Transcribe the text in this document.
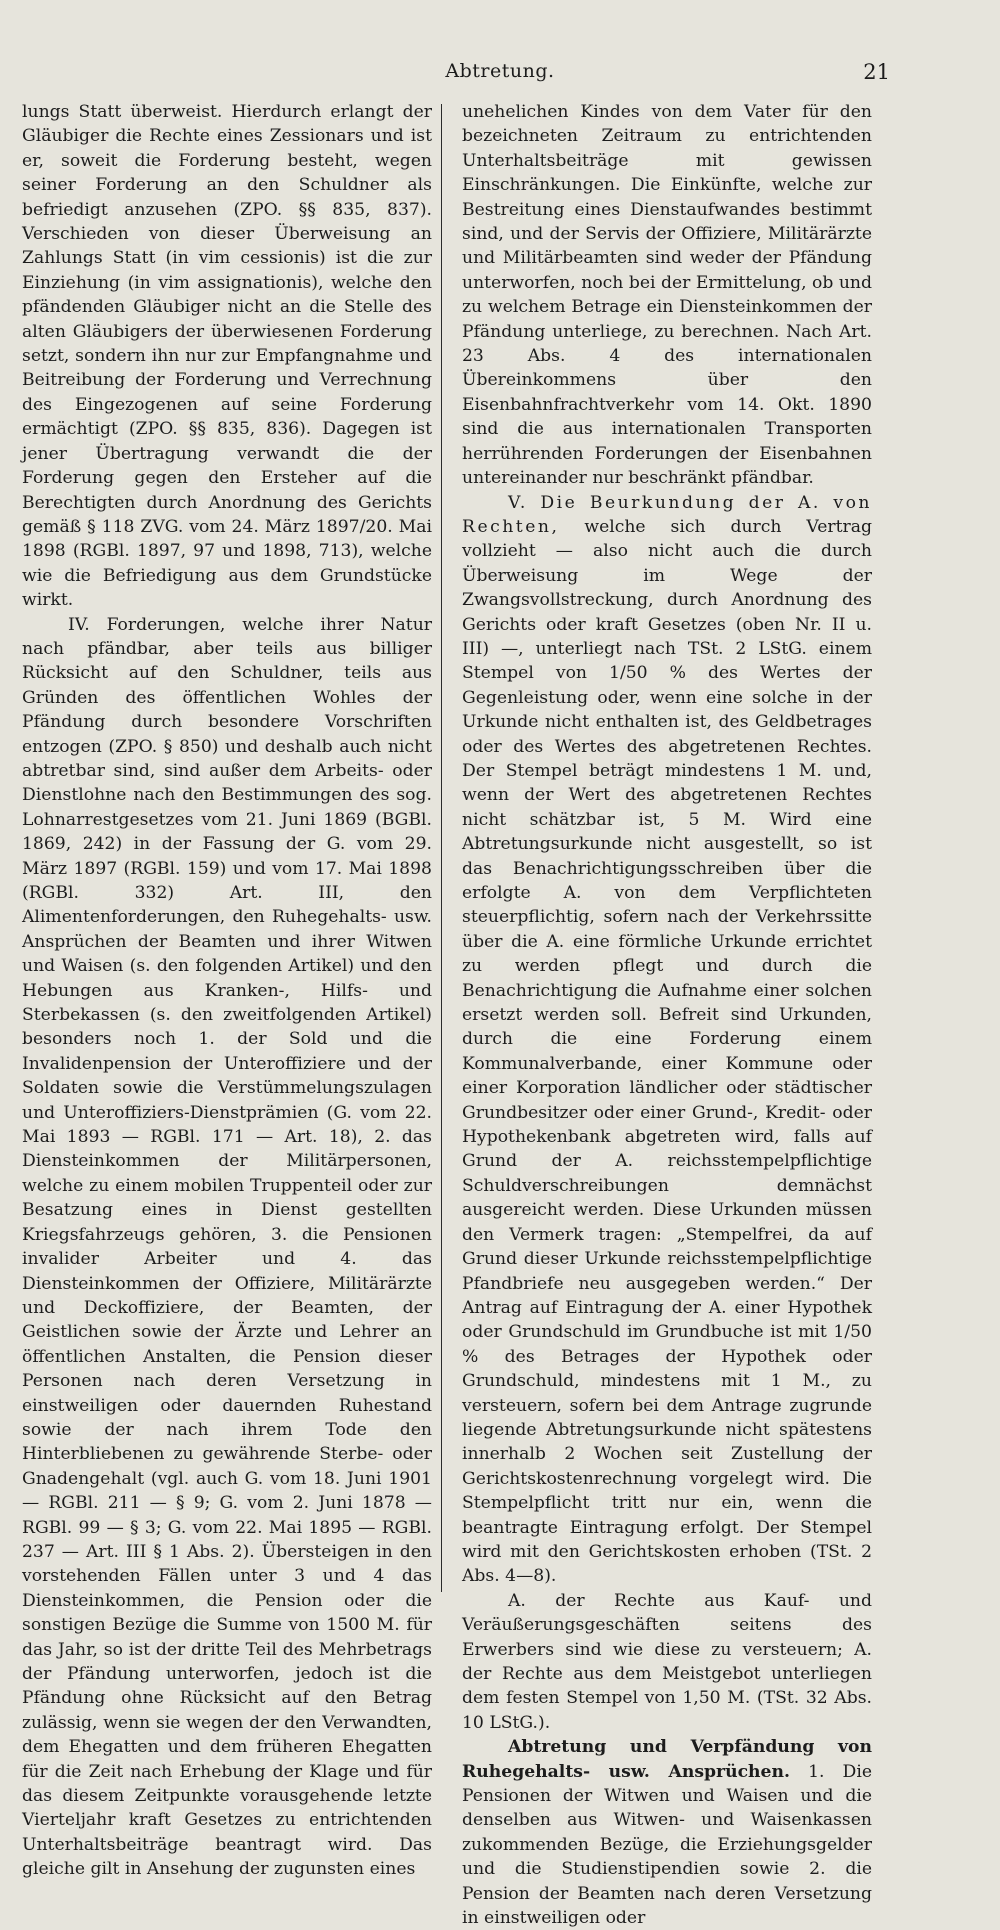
Abtretung.	21

lungs Statt überweist. Hierdurch erlangt der Gläubiger die Rechte eines Zessionars und ist er, soweit die Forderung besteht, wegen seiner Forderung an den Schuldner als befriedigt anzusehen (ZPO. §§ 835, 837). Verschieden von dieser Überweisung an Zahlungs Statt (in vim cessionis) ist die zur Einziehung (in vim assignationis), welche den pfändenden Gläubiger nicht an die Stelle des alten Gläubigers der überwiesenen Forderung setzt, sondern ihn nur zur Empfangnahme und Beitreibung der Forderung und Verrechnung des Eingezogenen auf seine Forderung ermächtigt (ZPO. §§ 835, 836). Dagegen ist jener Übertragung verwandt die der Forderung gegen den Ersteher auf die Berechtigten durch Anordnung des Gerichts gemäß § 118 ZVG. vom 24. März 1897/20. Mai 1898 (RGBl. 1897, 97 und 1898, 713), welche wie die Befriedigung aus dem Grundstücke wirkt.

IV. Forderungen, welche ihrer Natur nach pfändbar, aber teils aus billiger Rücksicht auf den Schuldner, teils aus Gründen des öffentlichen Wohles der Pfändung durch besondere Vorschriften entzogen (ZPO. § 850) und deshalb auch nicht abtretbar sind, sind außer dem Arbeits- oder Dienstlohne nach den Bestimmungen des sog. Lohnarrestgesetzes vom 21. Juni 1869 (BGBl. 1869, 242) in der Fassung der G. vom 29. März 1897 (RGBl. 159) und vom 17. Mai 1898 (RGBl. 332) Art. III, den Alimentenforderungen, den Ruhegehalts- usw. Ansprüchen der Beamten und ihrer Witwen und Waisen (s. den folgenden Artikel) und den Hebungen aus Kranken-, Hilfs- und Sterbekassen (s. den zweitfolgenden Artikel) besonders noch 1. der Sold und die Invalidenpension der Unteroffiziere und der Soldaten sowie die Verstümmelungszulagen und Unteroffiziers-Dienstprämien (G. vom 22. Mai 1893 — RGBl. 171 — Art. 18), 2. das Diensteinkommen der Militärpersonen, welche zu einem mobilen Truppenteil oder zur Besatzung eines in Dienst gestellten Kriegsfahrzeugs gehören, 3. die Pensionen invalider Arbeiter und 4. das Diensteinkommen der Offiziere, Militärärzte und Deckoffiziere, der Beamten, der Geistlichen sowie der Ärzte und Lehrer an öffentlichen Anstalten, die Pension dieser Personen nach deren Versetzung in einstweiligen oder dauernden Ruhestand sowie der nach ihrem Tode den Hinterbliebenen zu gewährende Sterbe- oder Gnadengehalt (vgl. auch G. vom 18. Juni 1901 — RGBl. 211 — § 9; G. vom 2. Juni 1878 — RGBl. 99 — § 3; G. vom 22. Mai 1895 — RGBl. 237 — Art. III § 1 Abs. 2). Übersteigen in den vorstehenden Fällen unter 3 und 4 das Diensteinkommen, die Pension oder die sonstigen Bezüge die Summe von 1500 M. für das Jahr, so ist der dritte Teil des Mehrbetrags der Pfändung unterworfen, jedoch ist die Pfändung ohne Rücksicht auf den Betrag zulässig, wenn sie wegen der den Verwandten, dem Ehegatten und dem früheren Ehegatten für die Zeit nach Erhebung der Klage und für das diesem Zeitpunkte vorausgehende letzte Vierteljahr kraft Gesetzes zu entrichtenden Unterhaltsbeiträge beantragt wird. Das gleiche gilt in Ansehung der zugunsten eines

unehelichen Kindes von dem Vater für den bezeichneten Zeitraum zu entrichtenden Unterhaltsbeiträge mit gewissen Einschränkungen. Die Einkünfte, welche zur Bestreitung eines Dienstaufwandes bestimmt sind, und der Servis der Offiziere, Militärärzte und Militärbeamten sind weder der Pfändung unterworfen, noch bei der Ermittelung, ob und zu welchem Betrage ein Diensteinkommen der Pfändung unterliege, zu berechnen. Nach Art. 23 Abs. 4 des internationalen Übereinkommens über den Eisenbahnfrachtverkehr vom 14. Okt. 1890 sind die aus internationalen Transporten herrührenden Forderungen der Eisenbahnen untereinander nur beschränkt pfändbar.

V. Die Beurkundung der A. von Rechten, welche sich durch Vertrag vollzieht — also nicht auch die durch Überweisung im Wege der Zwangsvollstreckung, durch Anordnung des Gerichts oder kraft Gesetzes (oben Nr. II u. III) —, unterliegt nach TSt. 2 LStG. einem Stempel von 1/50 % des Wertes der Gegenleistung oder, wenn eine solche in der Urkunde nicht enthalten ist, des Geldbetrages oder des Wertes des abgetretenen Rechtes. Der Stempel beträgt mindestens 1 M. und, wenn der Wert des abgetretenen Rechtes nicht schätzbar ist, 5 M. Wird eine Abtretungsurkunde nicht ausgestellt, so ist das Benachrichtigungsschreiben über die erfolgte A. von dem Verpflichteten steuerpflichtig, sofern nach der Verkehrssitte über die A. eine förmliche Urkunde errichtet zu werden pflegt und durch die Benachrichtigung die Aufnahme einer solchen ersetzt werden soll. Befreit sind Urkunden, durch die eine Forderung einem Kommunalverbande, einer Kommune oder einer Korporation ländlicher oder städtischer Grundbesitzer oder einer Grund-, Kredit- oder Hypothekenbank abgetreten wird, falls auf Grund der A. reichsstempelpflichtige Schuldverschreibungen demnächst ausgereicht werden. Diese Urkunden müssen den Vermerk tragen: „Stempelfrei, da auf Grund dieser Urkunde reichsstempelpflichtige Pfandbriefe neu ausgegeben werden.“ Der Antrag auf Eintragung der A. einer Hypothek oder Grundschuld im Grundbuche ist mit 1/50 % des Betrages der Hypothek oder Grundschuld, mindestens mit 1 M., zu versteuern, sofern bei dem Antrage zugrunde liegende Abtretungsurkunde nicht spätestens innerhalb 2 Wochen seit Zustellung der Gerichtskostenrechnung vorgelegt wird. Die Stempelpflicht tritt nur ein, wenn die beantragte Eintragung erfolgt. Der Stempel wird mit den Gerichtskosten erhoben (TSt. 2 Abs. 4—8).

A. der Rechte aus Kauf- und Veräußerungsgeschäften seitens des Erwerbers sind wie diese zu versteuern; A. der Rechte aus dem Meistgebot unterliegen dem festen Stempel von 1,50 M. (TSt. 32 Abs. 10 LStG.).

Abtretung und Verpfändung von Ruhegehalts- usw. Ansprüchen. 1. Die Pensionen der Witwen und Waisen und die denselben aus Witwen- und Waisenkassen zukommenden Bezüge, die Erziehungsgelder und die Studienstipendien sowie 2. die Pension der Beamten nach deren Versetzung in einstweiligen oder
